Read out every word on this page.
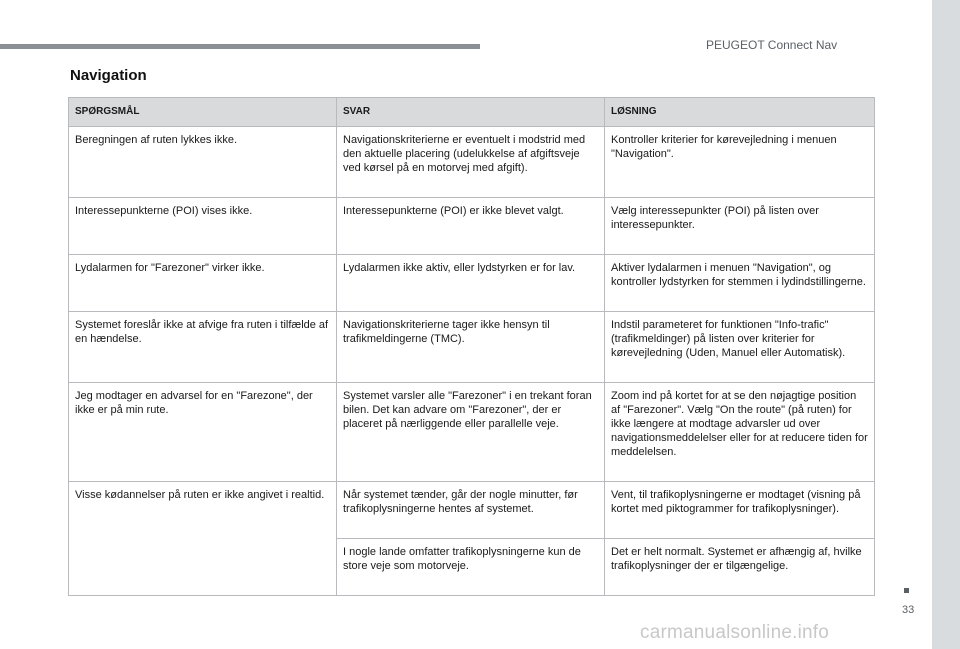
PEUGEOT Connect Nav
Navigation
SPØRGSMÅL	SVAR	LØSNING
Beregningen af ruten lykkes ikke.	Navigationskriterierne er eventuelt i modstrid med den aktuelle placering (udelukkelse af afgiftsveje ved kørsel på en motorvej med afgift).	Kontroller kriterier for kørevejledning i menuen "Navigation".
Interessepunkterne (POI) vises ikke.	Interessepunkterne (POI) er ikke blevet valgt.	Vælg interessepunkter (POI) på listen over interessepunkter.
Lydalarmen for "Farezoner" virker ikke.	Lydalarmen ikke aktiv, eller lydstyrken er for lav.	Aktiver lydalarmen i menuen "Navigation", og kontroller lydstyrken for stemmen i lydindstillingerne.
Systemet foreslår ikke at afvige fra ruten i tilfælde af en hændelse.	Navigationskriterierne tager ikke hensyn til trafikmeldingerne (TMC).	Indstil parameteret for funktionen "Info-trafic" (trafikmeldinger) på listen over kriterier for kørevejledning (Uden, Manuel eller Automatisk).
Jeg modtager en advarsel for en "Farezone", der ikke er på min rute.	Systemet varsler alle "Farezoner" i en trekant foran bilen. Det kan advare om "Farezoner", der er placeret på nærliggende eller parallelle veje.	Zoom ind på kortet for at se den nøjagtige position af "Farezoner". Vælg "On the route" (på ruten) for ikke længere at modtage advarsler ud over navigationsmeddelelser eller for at reducere tiden for meddelelsen.
Visse kødannelser på ruten er ikke angivet i realtid.	Når systemet tænder, går der nogle minutter, før trafikoplysningerne hentes af systemet.	Vent, til trafikoplysningerne er modtaget (visning på kortet med piktogrammer for trafikoplysninger).
	I nogle lande omfatter trafikoplysningerne kun de store veje som motorveje.	Det er helt normalt. Systemet er afhængig af, hvilke trafikoplysninger der er tilgængelige.
33
carmanualsonline.info
